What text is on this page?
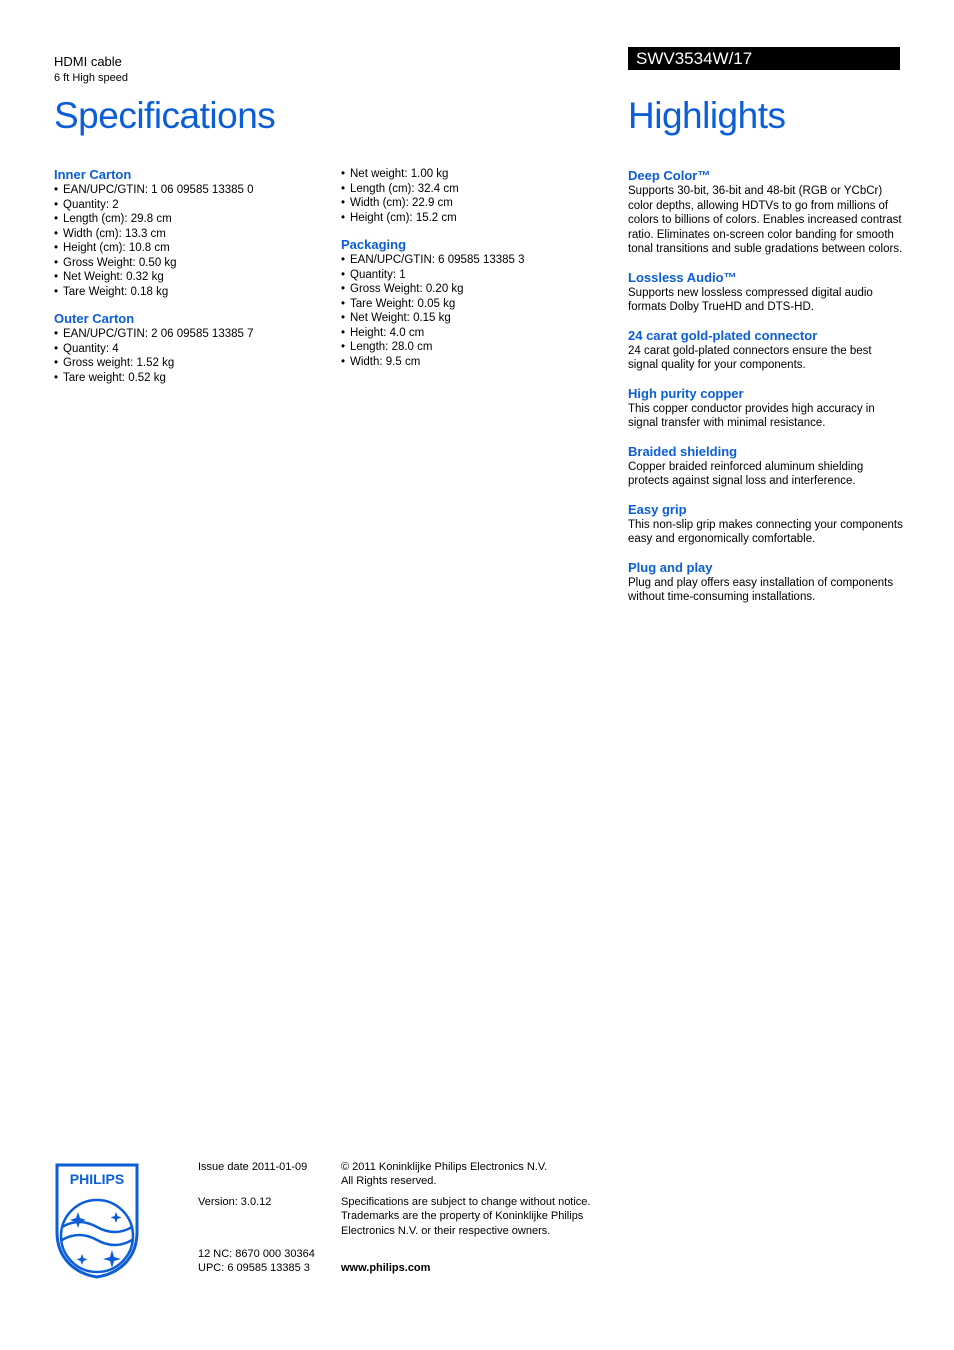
HDMI cable
6 ft High speed
Specifications
SWV3534W/17
Highlights
Inner Carton
• EAN/UPC/GTIN: 1 06 09585 13385 0
• Quantity: 2
• Length (cm): 29.8 cm
• Width (cm): 13.3 cm
• Height (cm): 10.8 cm
• Gross Weight: 0.50 kg
• Net Weight: 0.32 kg
• Tare Weight: 0.18 kg
Outer Carton
• EAN/UPC/GTIN: 2 06 09585 13385 7
• Quantity: 4
• Gross weight: 1.52 kg
• Tare weight: 0.52 kg
• Net weight: 1.00 kg
• Length (cm): 32.4 cm
• Width (cm): 22.9 cm
• Height (cm): 15.2 cm
Packaging
• EAN/UPC/GTIN: 6 09585 13385 3
• Quantity: 1
• Gross Weight: 0.20 kg
• Tare Weight: 0.05 kg
• Net Weight: 0.15 kg
• Height: 4.0 cm
• Length: 28.0 cm
• Width: 9.5 cm
Deep Color™

Supports 30-bit, 36-bit and 48-bit (RGB or YCbCr) color depths, allowing HDTVs to go from millions of colors to billions of colors. Enables increased contrast ratio. Eliminates on-screen color banding for smooth tonal transitions and suble gradations between colors.

Lossless Audio™

Supports new lossless compressed digital audio formats Dolby TrueHD and DTS-HD.

24 carat gold-plated connector

24 carat gold-plated connectors ensure the best signal quality for your components.

High purity copper

This copper conductor provides high accuracy in signal transfer with minimal resistance.

Braided shielding

Copper braided reinforced aluminum shielding protects against signal loss and interference.

Easy grip

This non-slip grip makes connecting your components easy and ergonomically comfortable.

Plug and play

Plug and play offers easy installation of components without time-consuming installations.

PHILIPS
Issue date 2011-01-09
Version: 3.0.12
12 NC: 8670 000 30364
UPC: 6 09585 13385 3
© 2011 Koninklijke Philips Electronics N.V.
All Rights reserved.
Specifications are subject to change without notice.
Trademarks are the property of Koninklijke Philips
Electronics N.V. or their respective owners.
www.philips.com
